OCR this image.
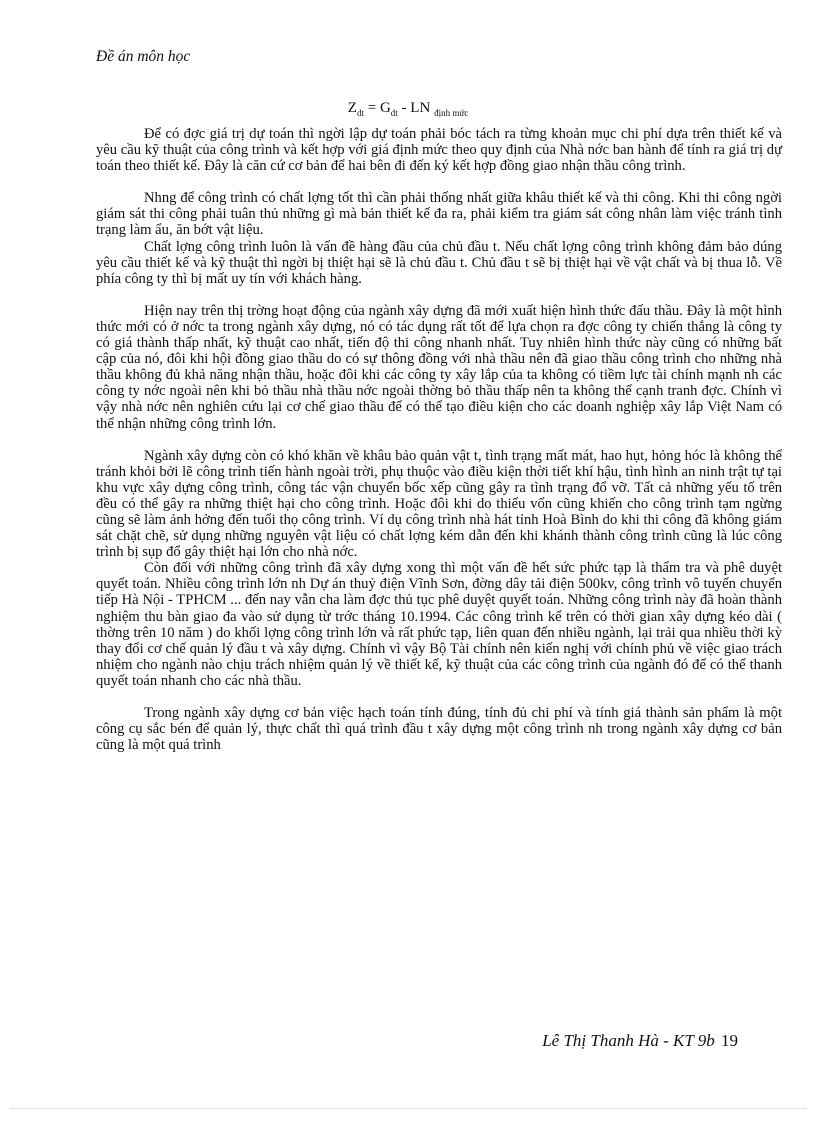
Đề án môn học
$Z_{dt} = G_{dt}$ - LN $_{định mức}$

Để có đợc giá trị dự toán thì ngời lập dự toán phải bóc tách ra từng khoản mục chi phí dựa trên thiết kế và yêu cầu kỹ thuật của công trình và kết hợp với giá định mức theo quy định của Nhà nớc ban hành để tính ra giá trị dự toán theo thiết kế. Đây là căn cứ cơ bản để hai bên đi đến ký kết hợp đồng giao nhận thầu công trình.

Nhng để công trình có chất lợng tốt thì cần phải thống nhất giữa khâu thiết kế và thi công. Khi thi công ngời giám sát thi công phải tuân thủ những gì mà bản thiết kế đa ra, phải kiểm tra giám sát công nhân làm việc tránh tình trạng làm ẩu, ăn bớt vật liệu.

Chất lợng công trình luôn là vấn đề hàng đầu của chủ đầu t. Nếu chất lợng công trình không đảm bảo dúng yêu cầu thiết kế và kỹ thuật thì ngời bị thiệt hại sẽ là chủ đầu t. Chủ đầu t sẽ bị thiệt hại về vật chất và bị thua lỗ. Về phía công ty thì bị mất uy tín với khách hàng.

Hiện nay trên thị trờng hoạt động của ngành xây dựng đã mới xuất hiện hình thức đấu thầu. Đây là một hình thức mới có ở nớc ta trong ngành xây dựng, nó có tác dụng rất tốt để lựa chọn ra đợc công ty chiến thắng là công ty có giá thành thấp nhất, kỹ thuật cao nhất, tiến độ thi công nhanh nhất. Tuy nhiên hình thức này cũng có những bất cập của nó, đôi khi hội đồng giao thầu do có sự thông đồng với nhà thầu nên đã giao thầu công trình cho những nhà thầu không đủ khả năng nhận thầu, hoặc đôi khi các công ty xây lắp của ta không có tiềm lực tài chính mạnh nh các công ty nớc ngoài nên khi bỏ thầu nhà thầu nớc ngoài thờng bỏ thầu thấp nên ta không thể cạnh tranh đợc. Chính vì vậy nhà nớc nên nghiên cứu lại cơ chế giao thầu để có thể tạo điều kiện cho các doanh nghiệp xây lắp Việt Nam có thể nhận những công trình lớn.

Ngành xây dựng còn có khó khăn về khâu bảo quản vật t, tình trạng mất mát, hao hụt, hỏng hóc là không thể tránh khỏi bởi lẽ công trình tiến hành ngoài trời, phụ thuộc vào điều kiện thời tiết khí hậu, tình hình an ninh trật tự tại khu vực xây dựng công trình, công tác vận chuyển bốc xếp cũng gây ra tình trạng đổ vỡ. Tất cả những yếu tố trên đều có thể gây ra những thiệt hại cho công trình. Hoặc đôi khi do thiếu vốn cũng khiến cho công trình tạm ngừng cũng sẽ làm ảnh hởng đến tuổi thọ công trình. Ví dụ công trình nhà hát tỉnh Hoà Bình do khi thi công đã không giám sát chặt chẽ, sử dụng những nguyên vật liệu có chất lợng kém dẫn đến khi khánh thành công trình cũng là lúc công trình bị sụp đổ gây thiệt hại lớn cho nhà nớc.

Còn đối với những công trình đã xây dựng xong thì một vấn đề hết sức phức tạp là thẩm tra và phê duyệt quyết toán. Nhiều công trình lớn nh Dự án thuỷ điện Vĩnh Sơn, đờng dây tải điện 500kv, công trình vô tuyến chuyển tiếp Hà Nội - TPHCM ... đến nay vẫn cha làm đợc thủ tục phê duyệt quyết toán. Những công trình này đã hoàn thành nghiệm thu bàn giao đa vào sử dụng từ trớc tháng 10.1994. Các công trình kể trên có thời gian xây dựng kéo dài ( thờng trên 10 năm ) do khối lợng công trình lớn và rất phức tạp, liên quan đến nhiều ngành, lại trải qua nhiều thời kỳ thay đổi cơ chế quản lý đầu t và xây dựng. Chính vì vậy Bộ Tài chính nên kiến nghị với chính phủ về việc giao trách nhiệm cho ngành nào chịu trách nhiệm quản lý về thiết kế, kỹ thuật của các công trình của ngành đó để có thể thanh quyết toán nhanh cho các nhà thầu.

Trong ngành xây dựng cơ bản việc hạch toán tính đúng, tính đủ chi phí và tính giá thành sản phẩm là một công cụ sắc bén để quản lý, thực chất thì quá trình đầu t xây dựng một công trình nh trong ngành xây dựng cơ bản cũng là một quá trình

Lê Thị Thanh Hà - KT 9b 19
